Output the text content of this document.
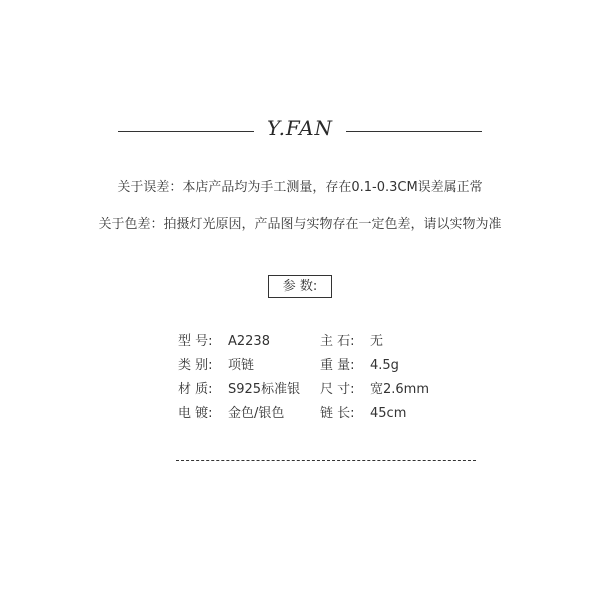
Y.FAN
关于误差：本店产品均为手工测量，存在0.1-0.3CM误差属正常
关于色差：拍摄灯光原因，产品图与实物存在一定色差，请以实物为准
参 数:
型 号: A2238	主 石: 无
类 别: 项链	重 量: 4.5g
材 质: S925标准银 尺 寸: 宽2.6mm
电 镀: 金色/银色	链 长: 45cm
